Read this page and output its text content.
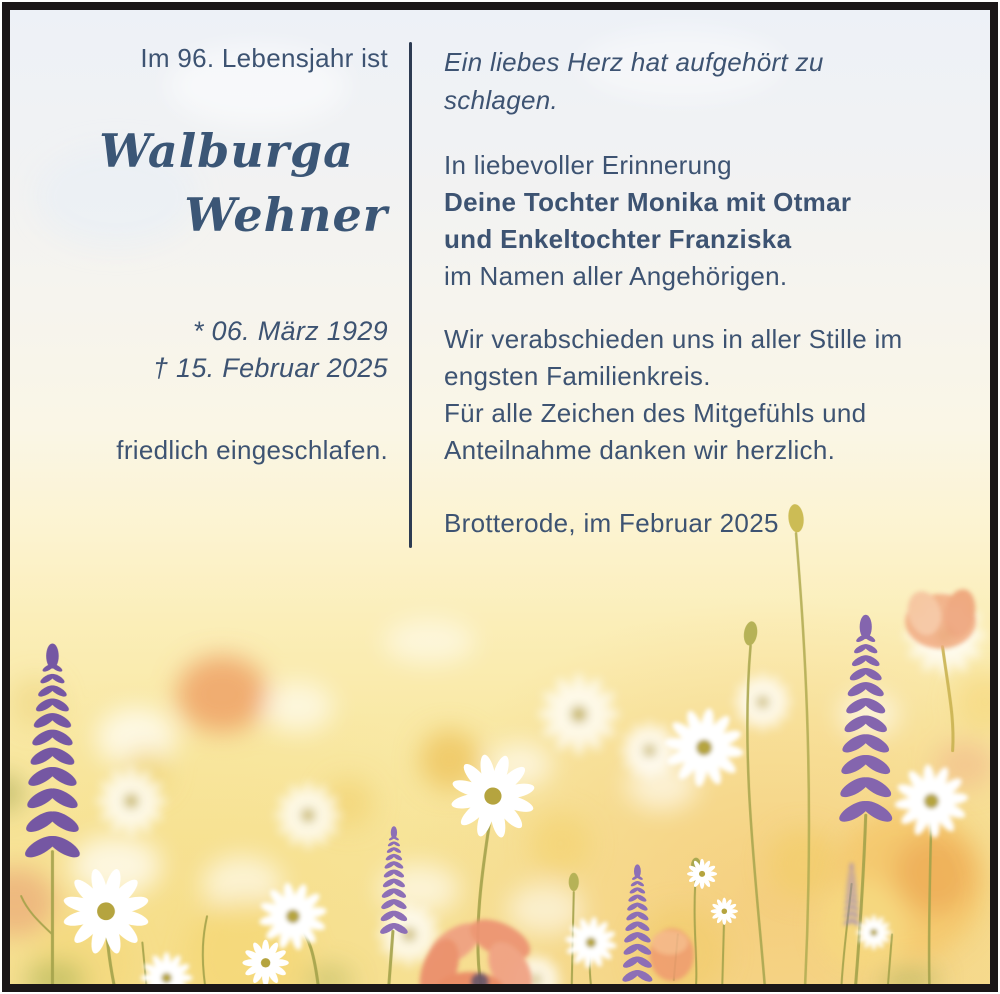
Im 96. Lebensjahr ist
Walburga
Wehner
* 06. März 1929
† 15. Februar 2025
friedlich eingeschlafen.
Ein liebes Herz hat aufgehört zu
schlagen.
In liebevoller Erinnerung
Deine Tochter Monika mit Otmar
und Enkeltochter Franziska
im Namen aller Angehörigen.
Wir verabschieden uns in aller Stille im
engsten Familienkreis.
Für alle Zeichen des Mitgefühls und
Anteilnahme danken wir herzlich.
Brotterode, im Februar 2025
